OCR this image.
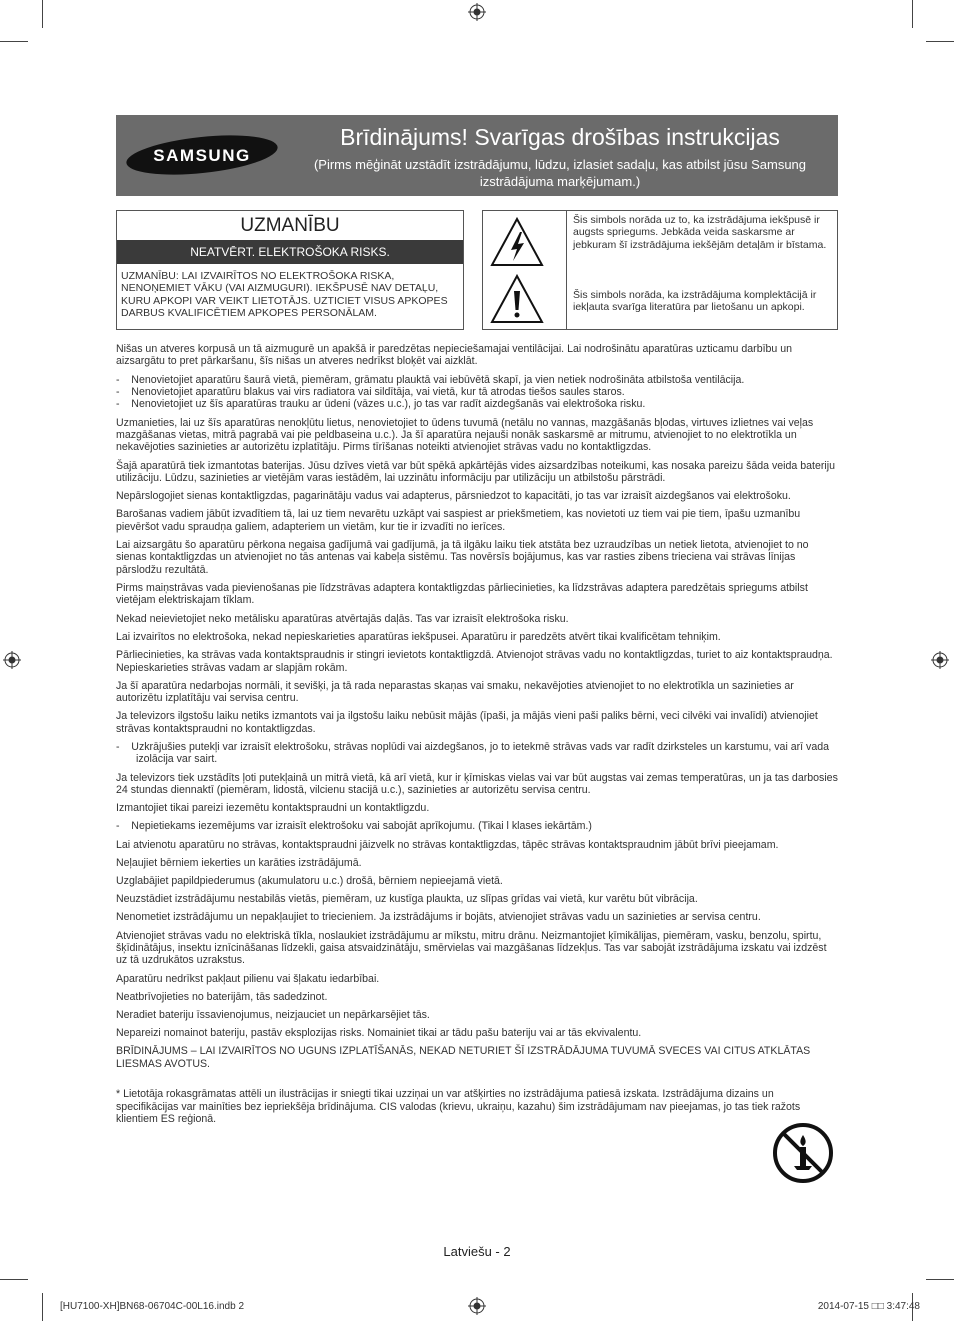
SAMSUNG
Brīdinājums! Svarīgas drošības instrukcijas
(Pirms mēģināt uzstādīt izstrādājumu, lūdzu, izlasiet sadaļu, kas atbilst jūsu Samsung izstrādājuma marķējumam.)
UZMANĪBU
NEATVĒRT. ELEKTROŠOKA RISKS.
UZMANĪBU: LAI IZVAIRĪTOS NO ELEKTROŠOKA RISKA, NENOŅEMIET VĀKU (VAI AIZMUGURI). IEKŠPUSĒ NAV DETAĻU, KURU APKOPI VAR VEIKT LIETOTĀJS. UZTICIET VISUS APKOPES DARBUS KVALIFICĒTIEM APKOPES PERSONĀLAM.
Šis simbols norāda uz to, ka izstrādājuma iekšpusē ir augsts spriegums. Jebkāda veida saskarsme ar jebkuram šī izstrādājuma iekšējām detaļām ir bīstama.
Šis simbols norāda, ka izstrādājuma komplektācijā ir iekļauta svarīga literatūra par lietošanu un apkopi.

Nišas un atveres korpusā un tā aizmugurē un apakšā ir paredzētas nepieciešamajai ventilācijai. Lai nodrošinātu aparatūras uzticamu darbību un aizsargātu to pret pārkaršanu, šīs nišas un atveres nedrīkst bloķēt vai aizklāt.

-    Nenovietojiet aparatūru šaurā vietā, piemēram, grāmatu plauktā vai iebūvētā skapī, ja vien netiek nodrošināta atbilstoša ventilācija.

-    Nenovietojiet aparatūru blakus vai virs radiatora vai sildītāja, vai vietā, kur tā atrodas tiešos saules staros.

-    Nenovietojiet uz šīs aparatūras trauku ar ūdeni (vāzes u.c.), jo tas var radīt aizdegšanās vai elektrošoka risku.

Uzmanieties, lai uz šīs aparatūras nenokļūtu lietus, nenovietojiet to ūdens tuvumā (netālu no vannas, mazgāšanās bļodas, virtuves izlietnes vai veļas mazgāšanas vietas, mitrā pagrabā vai pie peldbaseina u.c.). Ja šī aparatūra nejauši nonāk saskarsmē ar mitrumu, atvienojiet to no elektrotīkla un nekavējoties sazinieties ar autorizētu izplatītāju. Pirms tīrīšanas noteikti atvienojiet strāvas vadu no kontaktligzdas.

Šajā aparatūrā tiek izmantotas baterijas. Jūsu dzīves vietā var būt spēkā apkārtējās vides aizsardzības noteikumi, kas nosaka pareizu šāda veida bateriju utilizāciju. Lūdzu, sazinieties ar vietējām varas iestādēm, lai uzzinātu informāciju par utilizāciju un atbilstošu pārstrādi.

Nepārslogojiet sienas kontaktligzdas, pagarinātāju vadus vai adapterus, pārsniedzot to kapacitāti, jo tas var izraisīt aizdegšanos vai elektrošoku.

Barošanas vadiem jābūt izvadītiem tā, lai uz tiem nevarētu uzkāpt vai saspiest ar priekšmetiem, kas novietoti uz tiem vai pie tiem, īpašu uzmanību pievēršot vadu spraudņa galiem, adapteriem un vietām, kur tie ir izvadīti no ierīces.

Lai aizsargātu šo aparatūru pērkona negaisa gadījumā vai gadījumā, ja tā ilgāku laiku tiek atstāta bez uzraudzības un netiek lietota, atvienojiet to no sienas kontaktligzdas un atvienojiet no tās antenas vai kabeļa sistēmu. Tas novērsīs bojājumus, kas var rasties zibens trieciena vai strāvas līnijas pārslodžu rezultātā.

Pirms maiņstrāvas vada pievienošanas pie līdzstrāvas adaptera kontaktligzdas pārliecinieties, ka līdzstrāvas adaptera paredzētais spriegums atbilst vietējam elektriskajam tīklam.

Nekad neievietojiet neko metālisku aparatūras atvērtajās daļās. Tas var izraisīt elektrošoka risku.

Lai izvairītos no elektrošoka, nekad nepieskarieties aparatūras iekšpusei. Aparatūru ir paredzēts atvērt tikai kvalificētam tehniķim.

Pārliecinieties, ka strāvas vada kontaktspraudnis ir stingri ievietots kontaktligzdā. Atvienojot strāvas vadu no kontaktligzdas, turiet to aiz kontaktspraudņa. Nepieskarieties strāvas vadam ar slapjām rokām.

Ja šī aparatūra nedarbojas normāli, it sevišķi, ja tā rada neparastas skaņas vai smaku, nekavējoties atvienojiet to no elektrotīkla un sazinieties ar autorizētu izplatītāju vai servisa centru.

Ja televizors ilgstošu laiku netiks izmantots vai ja ilgstošu laiku nebūsit mājās (īpaši, ja mājās vieni paši paliks bērni, veci cilvēki vai invalīdi) atvienojiet strāvas kontaktspraudni no kontaktligzdas.

-    Uzkrājušies putekļi var izraisīt elektrošoku, strāvas noplūdi vai aizdegšanos, jo to ietekmē strāvas vads var radīt dzirksteles un karstumu, vai arī vada izolācija var sairt.

Ja televizors tiek uzstādīts ļoti putekļainā un mitrā vietā, kā arī vietā, kur ir ķīmiskas vielas vai var būt augstas vai zemas temperatūras, un ja tas darbosies 24 stundas diennaktī (piemēram, lidostā, vilcienu stacijā u.c.), sazinieties ar autorizētu servisa centru.

Izmantojiet tikai pareizi iezemētu kontaktspraudni un kontaktligzdu.

-    Nepietiekams iezemējums var izraisīt elektrošoku vai sabojāt aprīkojumu. (Tikai l klases iekārtām.)

Lai atvienotu aparatūru no strāvas, kontaktspraudni jāizvelk no strāvas kontaktligzdas, tāpēc strāvas kontaktspraudnim jābūt brīvi pieejamam.

Neļaujiet bērniem iekerties un karāties izstrādājumā.

Uzglabājiet papildpiederumus (akumulatoru u.c.) drošā, bērniem nepieejamā vietā.

Neuzstādiet izstrādājumu nestabilās vietās, piemēram, uz kustīga plaukta, uz slīpas grīdas vai vietā, kur varētu būt vibrācija.

Nenometiet izstrādājumu un nepakļaujiet to triecieniem. Ja izstrādājums ir bojāts, atvienojiet strāvas vadu un sazinieties ar servisa centru.

Atvienojiet strāvas vadu no elektriskā tīkla, noslaukiet izstrādājumu ar mīkstu, mitru drānu. Neizmantojiet ķīmikālijas, piemēram, vasku, benzolu, spirtu, šķīdinātājus, insektu iznīcināšanas līdzekli, gaisa atsvaidzinātāju, smērvielas vai mazgāšanas līdzekļus. Tas var sabojāt izstrādājuma izskatu vai izdzēst uz tā uzdrukātos uzrakstus.

Aparatūru nedrīkst pakļaut pilienu vai šļakatu iedarbībai.

Neatbrīvojieties no baterijām, tās sadedzinot.

Neradiet bateriju īssavienojumus, neizjauciet un nepārkarsējiet tās.

Nepareizi nomainot bateriju, pastāv eksplozijas risks. Nomainiet tikai ar tādu pašu bateriju vai ar tās ekvivalentu.

BRĪDINĀJUMS – LAI IZVAIRĪTOS NO UGUNS IZPLATĪŠANĀS, NEKAD NETURIET ŠĪ IZSTRĀDĀJUMA TUVUMĀ SVECES VAI CITUS ATKLĀTAS LIESMAS AVOTUS.

* Lietotāja rokasgrāmatas attēli un ilustrācijas ir sniegti tikai uzziņai un var atšķirties no izstrādājuma patiesā izskata. Izstrādājuma dizains un specifikācijas var mainīties bez iepriekšēja brīdinājuma. CIS valodas (krievu, ukraiņu, kazahu) šim izstrādājumam nav pieejamas, jo tas tiek ražots klientiem ES reģionā.

Latviešu - 2
[HU7100-XH]BN68-06704C-00L16.indb 2	2014-07-15 □□ 3:47:48
